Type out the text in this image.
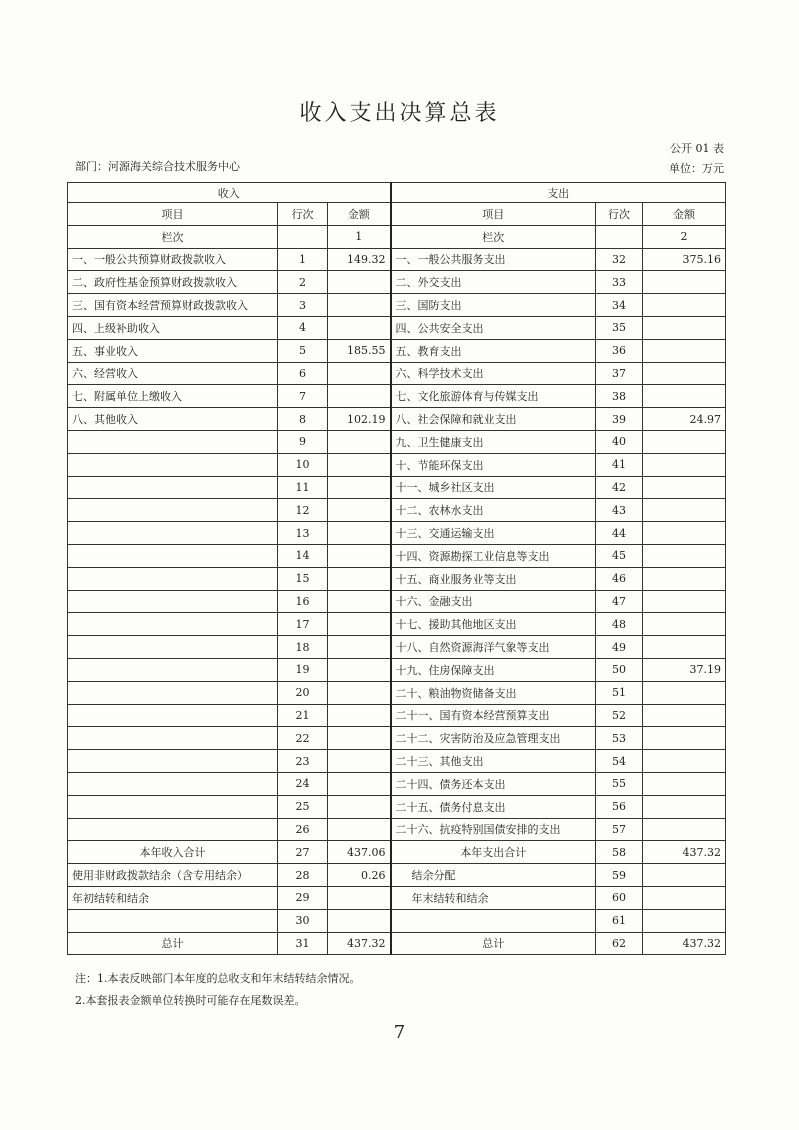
收入支出决算总表
公开 01 表
部门：河源海关综合技术服务中心	单位：万元
收入			支出		
项目	行次	金额	项目	行次	金额
栏次		1	栏次		2
一、一般公共预算财政拨款收入	1	149.32	一、一般公共服务支出	32	375.16
二、政府性基金预算财政拨款收入	2		二、外交支出	33	
三、国有资本经营预算财政拨款收入	3		三、国防支出	34	
四、上级补助收入	4		四、公共安全支出	35	
五、事业收入	5	185.55	五、教育支出	36	
六、经营收入	6		六、科学技术支出	37	
七、附属单位上缴收入	7		七、文化旅游体育与传媒支出	38	
八、其他收入	8	102.19	八、社会保障和就业支出	39	24.97
	9		九、卫生健康支出	40	
	10		十、节能环保支出	41	
	11		十一、城乡社区支出	42	
	12		十二、农林水支出	43	
	13		十三、交通运输支出	44	
	14		十四、资源勘探工业信息等支出	45	
	15		十五、商业服务业等支出	46	
	16		十六、金融支出	47	
	17		十七、援助其他地区支出	48	
	18		十八、自然资源海洋气象等支出	49	
	19		十九、住房保障支出	50	37.19
	20		二十、粮油物资储备支出	51	
	21		二十一、国有资本经营预算支出	52	
	22		二十二、灾害防治及应急管理支出	53	
	23		二十三、其他支出	54	
	24		二十四、债务还本支出	55	
	25		二十五、债务付息支出	56	
	26		二十六、抗疫特别国债安排的支出	57	
本年收入合计	27	437.06	本年支出合计	58	437.32
使用非财政拨款结余（含专用结余）	28	0.26	结余分配	59	
年初结转和结余	29		年末结转和结余	60	
	30			61	
总计	31	437.32	总计	62	437.32
注：1.本表反映部门本年度的总收支和年末结转结余情况。
2.本套报表金额单位转换时可能存在尾数误差。
7
